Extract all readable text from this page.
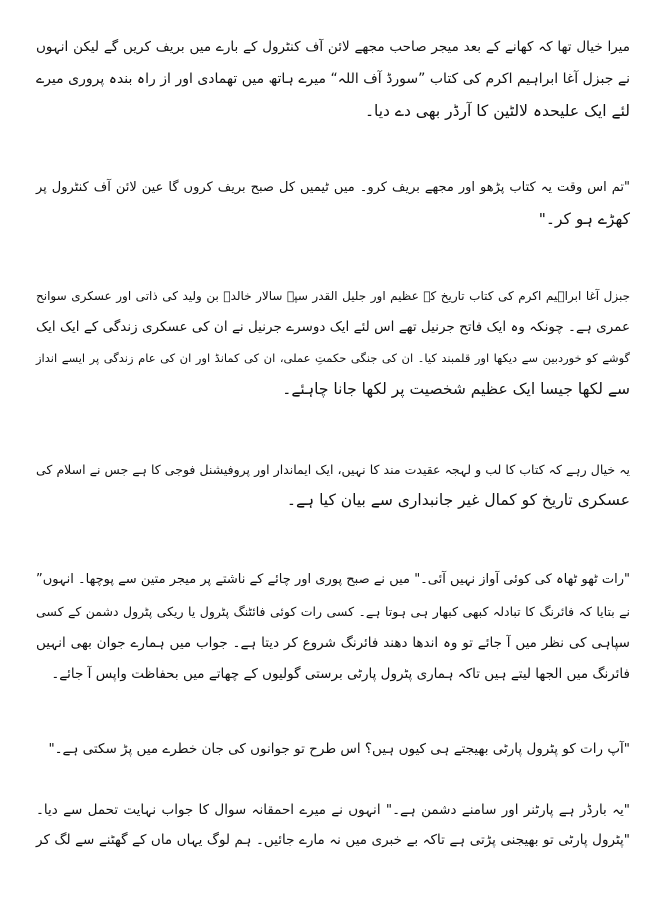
میرا خیال تھا کہ کھانے کے بعد میجر صاحب مجھے لائن آف کنٹرول کے بارے میں بریف کریں گے لیکن انہوں
نے جبزل آغا ابراہیم اکرم کی کتاب ”سورڈ آف اللہ“ میرے ہاتھ میں تھمادی اور از راہ بندہ پروری میرے
لئے ایک علیحدہ لالٹین کا آرڈر بھی دے دیا۔
"تم اس وقت یہ کتاب پڑھو اور مجھے بریف کرو۔ میں ٹیمیں کل صبح بریف کروں گا عین لائن آف کنٹرول پر
کھڑے ہو کر۔"
جبزل آغا ابراہیم اکرم کی کتاب تاریخ کے عظیم اور جلیل القدر سپہ سالار خالدؓ بن ولید کی ذاتی اور عسکری سوانح
عمری ہے۔ چونکہ وہ ایک فاتح جرنیل تھے اس لئے ایک دوسرے جرنیل نے ان کی عسکری زندگی کے ایک ایک
گوشے کو خوردبین سے دیکھا اور قلمبند کیا۔ ان کی جنگی حکمتِ عملی، ان کی کمانڈ اور ان کی عام زندگی پر ایسے انداز
سے لکھا جیسا ایک عظیم شخصیت پر لکھا جانا چاہئے۔
یہ خیال رہے کہ کتاب کا لب و لہجہ عقیدت مند کا نہیں، ایک ایماندار اور پروفیشنل فوجی کا ہے جس نے اسلام کی
عسکری تاریخ کو کمال غیر جانبداری سے بیان کیا ہے۔
"رات ٹھو ٹھاہ کی کوئی آواز نہیں آئی۔" میں نے صبح پوری اور چائے کے ناشتے پر میجر متین سے پوچھا۔ انہوں”
نے بتایا کہ فائرنگ کا تبادلہ کبھی کبھار ہی ہوتا ہے۔ کسی رات کوئی فائٹنگ پٹرول یا ریکی پٹرول دشمن کے کسی
سپاہی کی نظر میں آ جائے تو وہ اندھا دھند فائرنگ شروع کر دیتا ہے۔ جواب میں ہمارے جوان بھی انہیں
فائرنگ میں الجھا لیتے ہیں تاکہ ہماری پٹرول پارٹی برستی گولیوں کے چھاتے میں بحفاظت واپس آ جائے۔
"آپ رات کو پٹرول پارٹی بھیجتے ہی کیوں ہیں؟ اس طرح تو جوانوں کی جان خطرے میں پڑ سکتی ہے۔"
"یہ بارڈر ہے پارٹنر اور سامنے دشمن ہے۔" انہوں نے میرے احمقانہ سوال کا جواب نہایت تحمل سے دیا۔
"پٹرول پارٹی تو بھیجنی پڑتی ہے تاکہ بے خبری میں نہ مارے جائیں۔ ہم لوگ یہاں ماں کے گھٹنے سے لگ کر
